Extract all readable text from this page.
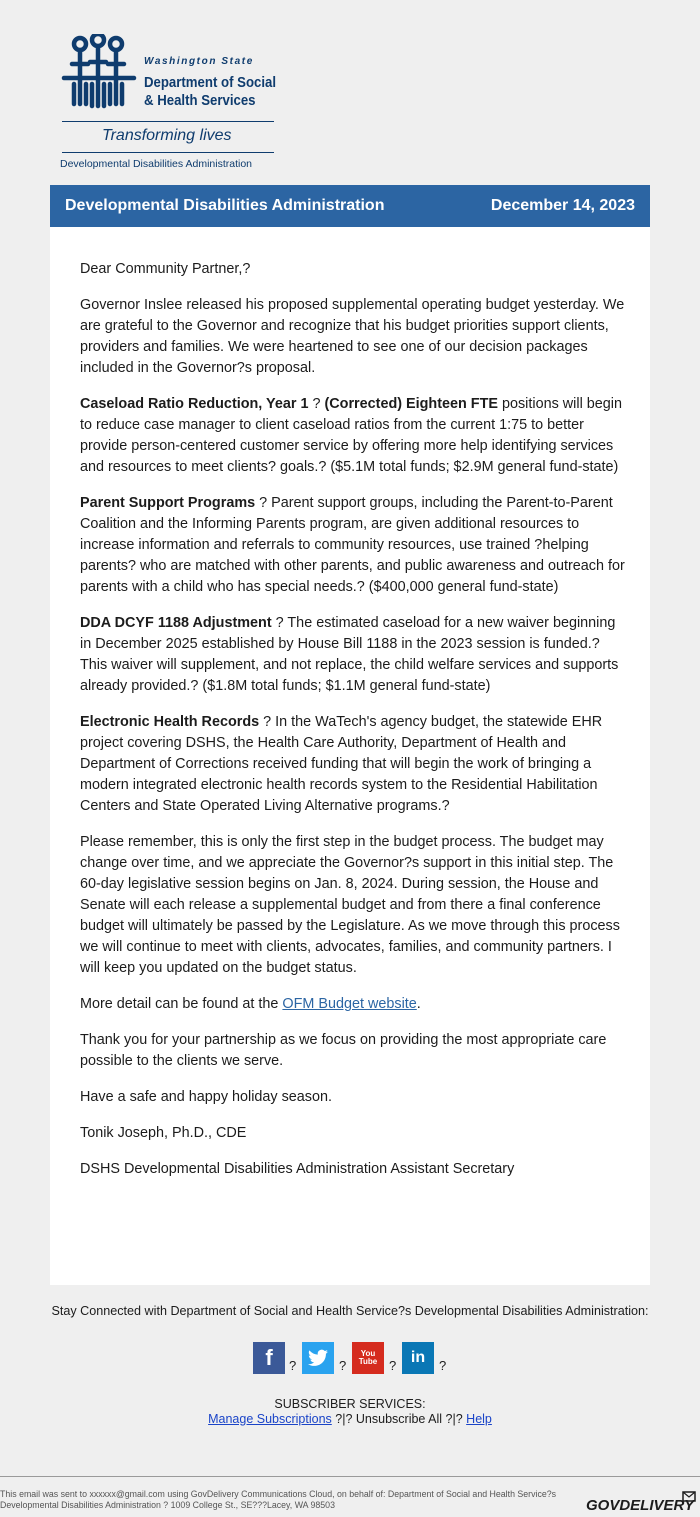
Washington State
Department of Social
& Health Services
Transforming lives
Developmental Disabilities Administration
Developmental Disabilities Administration	December 14, 2023

Dear Community Partner,?

Governor Inslee released his proposed supplemental operating budget yesterday. We are grateful to the Governor and recognize that his budget priorities support clients, providers and families. We were heartened to see one of our decision packages included in the Governor?s proposal.

Caseload Ratio Reduction, Year 1 ? (Corrected) Eighteen FTE positions will begin to reduce case manager to client caseload ratios from the current 1:75 to better provide person-centered customer service by offering more help identifying services and resources to meet clients? goals.? ($5.1M total funds; $2.9M general fund-state)

Parent Support Programs ? Parent support groups, including the Parent-to-Parent Coalition and the Informing Parents program, are given additional resources to increase information and referrals to community resources, use trained ?helping parents? who are matched with other parents, and public awareness and outreach for parents with a child who has special needs.? ($400,000 general fund-state)

DDA DCYF 1188 Adjustment ? The estimated caseload for a new waiver beginning in December 2025 established by House Bill 1188 in the 2023 session is funded.? This waiver will supplement, and not replace, the child welfare services and supports already provided.? ($1.8M total funds; $1.1M general fund-state)

Electronic Health Records ? In the WaTech's agency budget, the statewide EHR project covering DSHS, the Health Care Authority, Department of Health and Department of Corrections received funding that will begin the work of bringing a modern integrated electronic health records system to the Residential Habilitation Centers and State Operated Living Alternative programs.?

Please remember, this is only the first step in the budget process. The budget may change over time, and we appreciate the Governor?s support in this initial step. The 60-day legislative session begins on Jan. 8, 2024. During session, the House and Senate will each release a supplemental budget and from there a final conference budget will ultimately be passed by the Legislature. As we move through this process we will continue to meet with clients, advocates, families, and community partners. I will keep you updated on the budget status.

More detail can be found at the OFM Budget website.

Thank you for your partnership as we focus on providing the most appropriate care possible to the clients we serve.

Have a safe and happy holiday season.

Tonik Joseph, Ph.D., CDE

DSHS Developmental Disabilities Administration Assistant Secretary

Stay Connected with Department of Social and Health Service?s Developmental Disabilities Administration:
f ?	?
You Tube ? in ?
SUBSCRIBER SERVICES:
Manage Subscriptions ?|? Unsubscribe All ?|? Help
This email was sent to xxxxxx@gmail.com using GovDelivery Communications Cloud, on behalf of: Department of Social and Health Service?s Developmental Disabilities Administration ? 1009 College St., SE???Lacey, WA 98503	GOVDELIVERY
